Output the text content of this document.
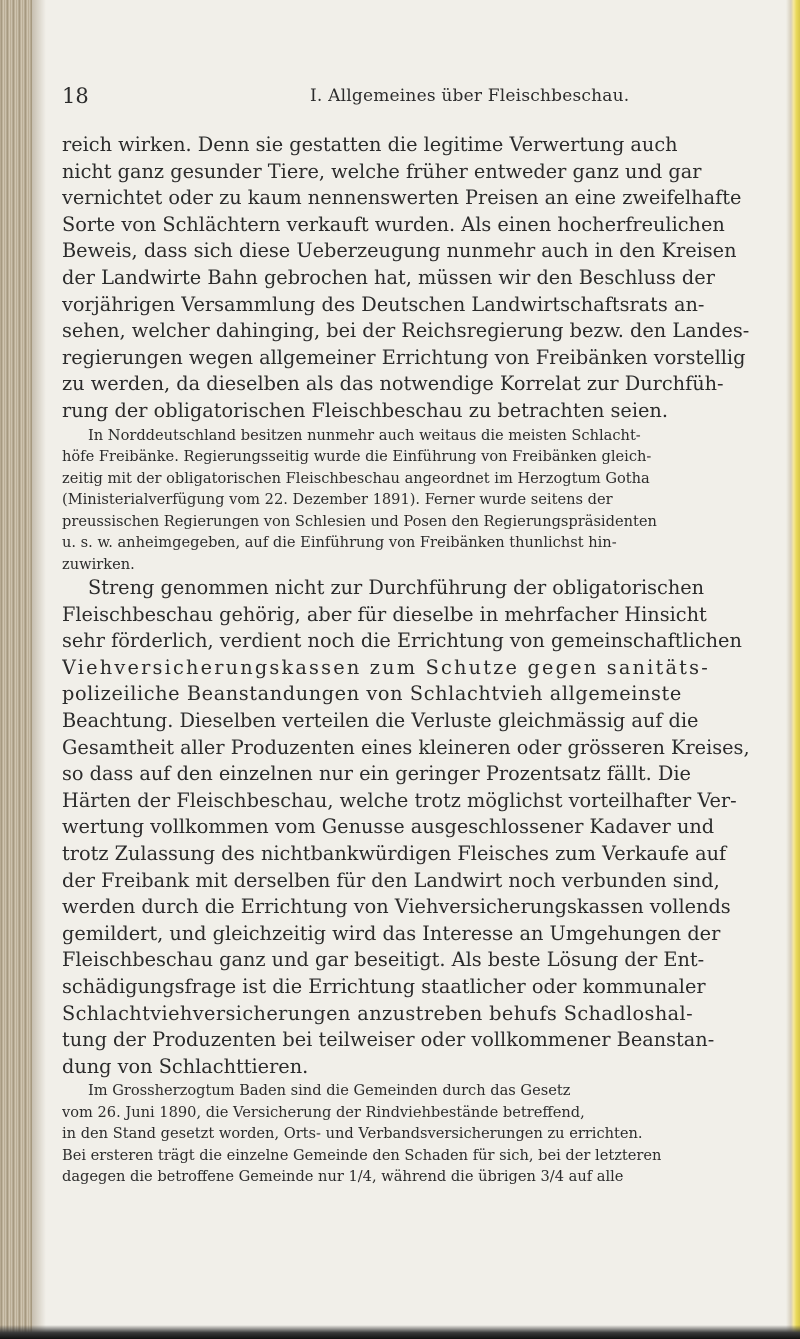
18	I. Allgemeines über Fleischbeschau.
reich wirken. Denn sie gestatten die legitime Verwertung auch
nicht ganz gesunder Tiere, welche früher entweder ganz und gar
vernichtet oder zu kaum nennenswerten Preisen an eine zweifelhafte
Sorte von Schlächtern verkauft wurden. Als einen hocherfreulichen
Beweis, dass sich diese Ueberzeugung nunmehr auch in den Kreisen
der Landwirte Bahn gebrochen hat, müssen wir den Beschluss der
vorjährigen Versammlung des Deutschen Landwirtschaftsrats an-
sehen, welcher dahinging, bei der Reichsregierung bezw. den Landes-
regierungen wegen allgemeiner Errichtung von Freibänken vorstellig
zu werden, da dieselben als das notwendige Korrelat zur Durchfüh-
rung der obligatorischen Fleischbeschau zu betrachten seien.
In Norddeutschland besitzen nunmehr auch weitaus die meisten Schlacht-
höfe Freibänke. Regierungsseitig wurde die Einführung von Freibänken gleich-
zeitig mit der obligatorischen Fleischbeschau angeordnet im Herzogtum Gotha
(Ministerialverfügung vom 22. Dezember 1891). Ferner wurde seitens der
preussischen Regierungen von Schlesien und Posen den Regierungspräsidenten
u. s. w. anheimgegeben, auf die Einführung von Freibänken thunlichst hin-
zuwirken.
Streng genommen nicht zur Durchführung der obligatorischen
Fleischbeschau gehörig, aber für dieselbe in mehrfacher Hinsicht
sehr förderlich, verdient noch die Errichtung von gemeinschaftlichen
Viehversicherungskassen zum Schutze gegen sanitäts-
polizeiliche Beanstandungen von Schlachtvieh allgemeinste
Beachtung. Dieselben verteilen die Verluste gleichmässig auf die
Gesamtheit aller Produzenten eines kleineren oder grösseren Kreises,
so dass auf den einzelnen nur ein geringer Prozentsatz fällt. Die
Härten der Fleischbeschau, welche trotz möglichst vorteilhafter Ver-
wertung vollkommen vom Genusse ausgeschlossener Kadaver und
trotz Zulassung des nichtbankwürdigen Fleisches zum Verkaufe auf
der Freibank mit derselben für den Landwirt noch verbunden sind,
werden durch die Errichtung von Viehversicherungskassen vollends
gemildert, und gleichzeitig wird das Interesse an Umgehungen der
Fleischbeschau ganz und gar beseitigt. Als beste Lösung der Ent-
schädigungsfrage ist die Errichtung staatlicher oder kommunaler
Schlachtviehversicherungen anzustreben behufs Schadloshal-
tung der Produzenten bei teilweiser oder vollkommener Beanstan-
dung von Schlachttieren.
Im Grossherzogtum Baden sind die Gemeinden durch das Gesetz
vom 26. Juni 1890, die Versicherung der Rindviehbestände betreffend,
in den Stand gesetzt worden, Orts- und Verbandsversicherungen zu errichten.
Bei ersteren trägt die einzelne Gemeinde den Schaden für sich, bei der letzteren
dagegen die betroffene Gemeinde nur 1/4, während die übrigen 3/4 auf alle
